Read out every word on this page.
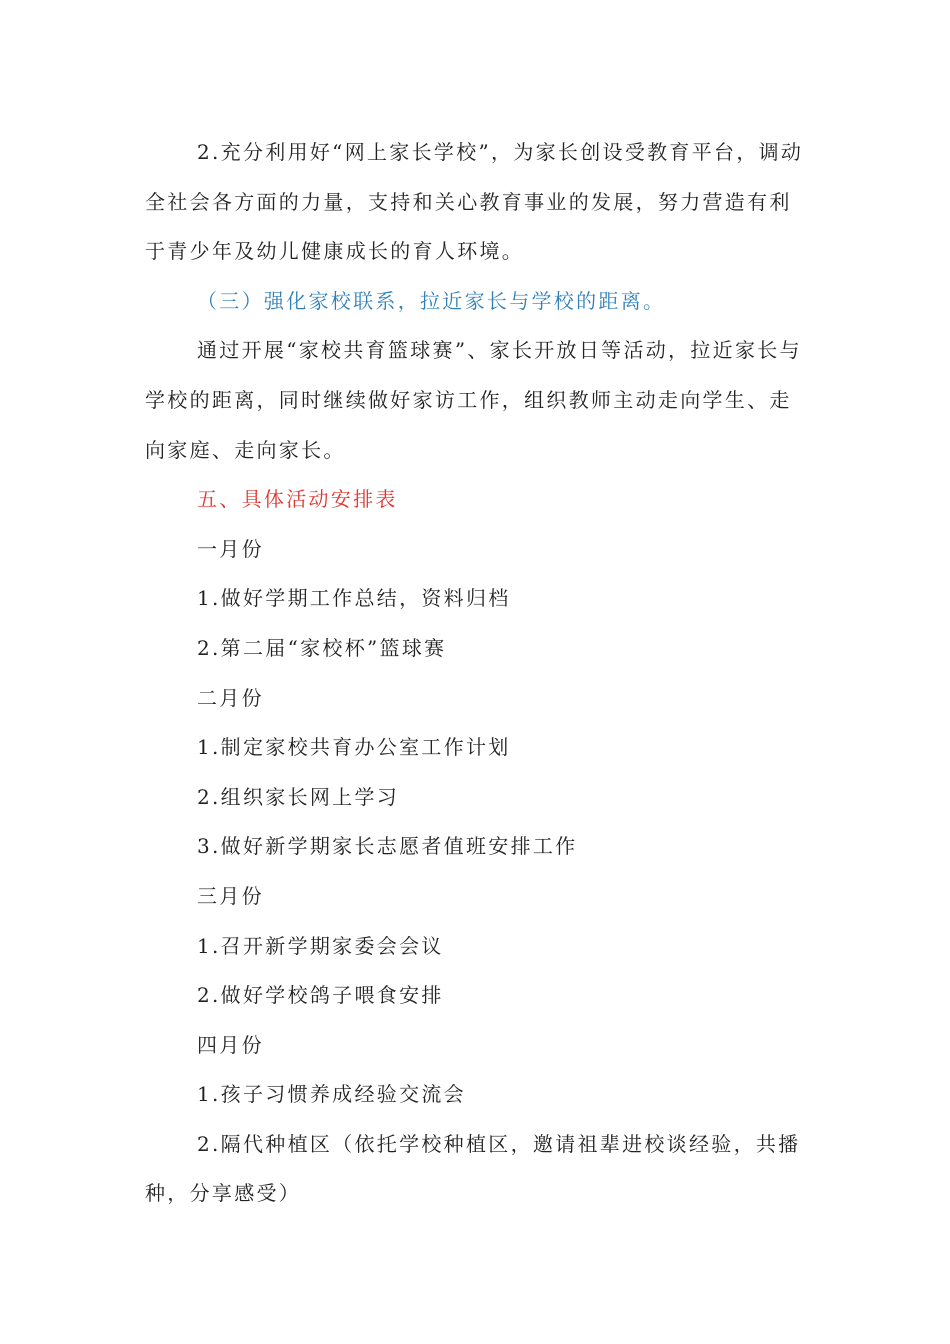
2.充分利用好“网上家长学校”，为家长创设受教育平台，调动全社会各方面的力量，支持和关心教育事业的发展，努力营造有利于青少年及幼儿健康成长的育人环境。

（三）强化家校联系，拉近家长与学校的距离。

通过开展“家校共育篮球赛”、家长开放日等活动，拉近家长与学校的距离，同时继续做好家访工作，组织教师主动走向学生、走向家庭、走向家长。

五、具体活动安排表

一月份

1.做好学期工作总结，资料归档

2.第二届“家校杯”篮球赛

二月份

1.制定家校共育办公室工作计划

2.组织家长网上学习

3.做好新学期家长志愿者值班安排工作

三月份

1.召开新学期家委会会议

2.做好学校鸽子喂食安排

四月份

1.孩子习惯养成经验交流会

2.隔代种植区（依托学校种植区，邀请祖辈进校谈经验，共播种，分享感受）
